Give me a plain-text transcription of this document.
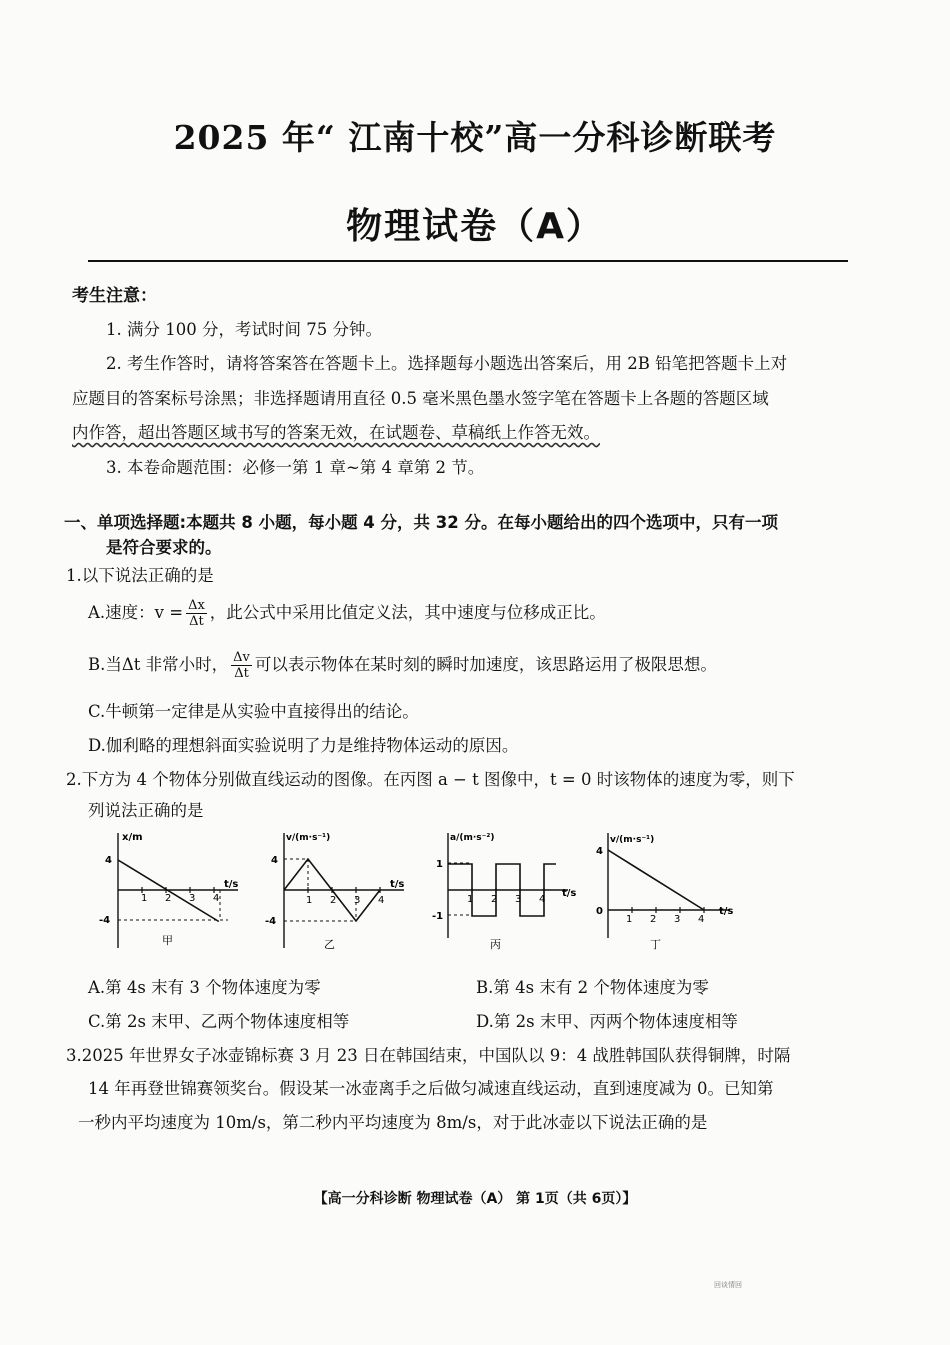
2025 年“ 江南十校”高一分科诊断联考
物理试卷（A）
考生注意：
1. 满分 100 分，考试时间 75 分钟。
2. 考生作答时，请将答案答在答题卡上。选择题每小题选出答案后，用 2B 铅笔把答题卡上对
应题目的答案标号涂黑；非选择题请用直径 0.5 毫米黑色墨水签字笔在答题卡上各题的答题区域
内作答，超出答题区域书写的答案无效，在试题卷、草稿纸上作答无效。
3. 本卷命题范围：必修一第 1 章~第 4 章第 2 节。
一、单项选择题:本题共 8 小题，每小题 4 分，共 32 分。在每小题给出的四个选项中，只有一项
是符合要求的。
1.以下说法正确的是
A.速度：$v = \frac{\Delta x}{\Delta t}$ ，此公式中采用比值定义法，其中速度与位移成正比。
B.当Δt 非常小时， $\frac{\Delta v}{\Delta t}$ 可以表示物体在某时刻的瞬时加速度，该思路运用了极限思想。
C.牛顿第一定律是从实验中直接得出的结论。
D.伽利略的理想斜面实验说明了力是维持物体运动的原因。
2.下方为 4 个物体分别做直线运动的图像。在丙图 a − t 图像中，t = 0 时该物体的速度为零，则下
列说法正确的是
x/m
t/s
4
-4
1 2 3 4
甲
v/(m·s⁻¹)
t/s
4
-4
1 2 3 4
乙
a/(m·s⁻²)
t/s
1
-1
1 2 3 4
丙
v/(m·s⁻¹)
t/s
4
0
1 2 3 4
丁
A.第 4s 末有 3 个物体速度为零	B.第 4s 末有 2 个物体速度为零
C.第 2s 末甲、乙两个物体速度相等	D.第 2s 末甲、丙两个物体速度相等
3.2025 年世界女子冰壶锦标赛 3 月 23 日在韩国结束，中国队以 9：4 战胜韩国队获得铜牌，时隔
14 年再登世锦赛领奖台。假设某一冰壶离手之后做匀减速直线运动，直到速度减为 0。已知第
一秒内平均速度为 10m/s，第二秒内平均速度为 8m/s，对于此冰壶以下说法正确的是
【高一分科诊断 物理试卷（A） 第 1页（共 6页）】
回谈情回
